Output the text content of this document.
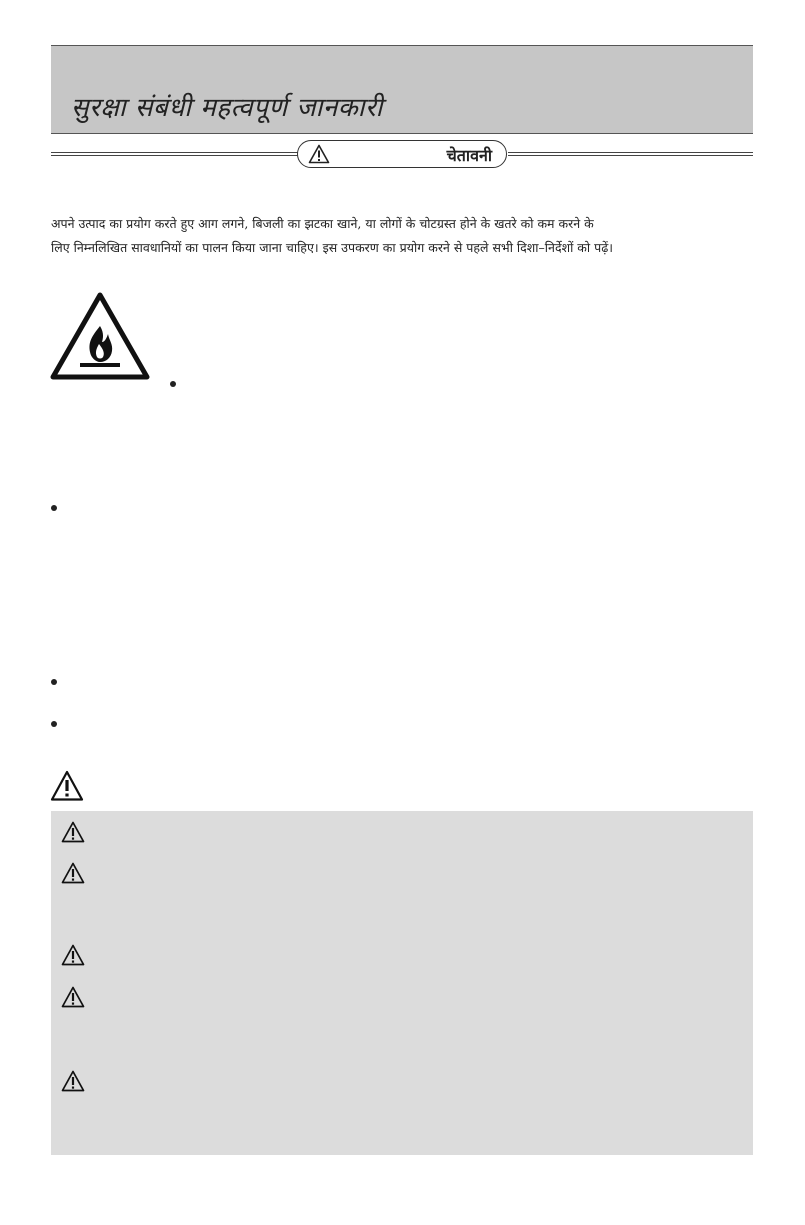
सुरक्षा संबंधी महत्वपूर्ण जानकारी
चेतावनी
अपने उत्पाद का प्रयोग करते हुए आग लगने, बिजली का झटका खाने, या लोगों के चोटग्रस्त होने के खतरे को कम करने के
लिए निम्नलिखित सावधानियों का पालन किया जाना चाहिए। इस उपकरण का प्रयोग करने से पहले सभी दिशा–निर्देशों को पढ़ें।
